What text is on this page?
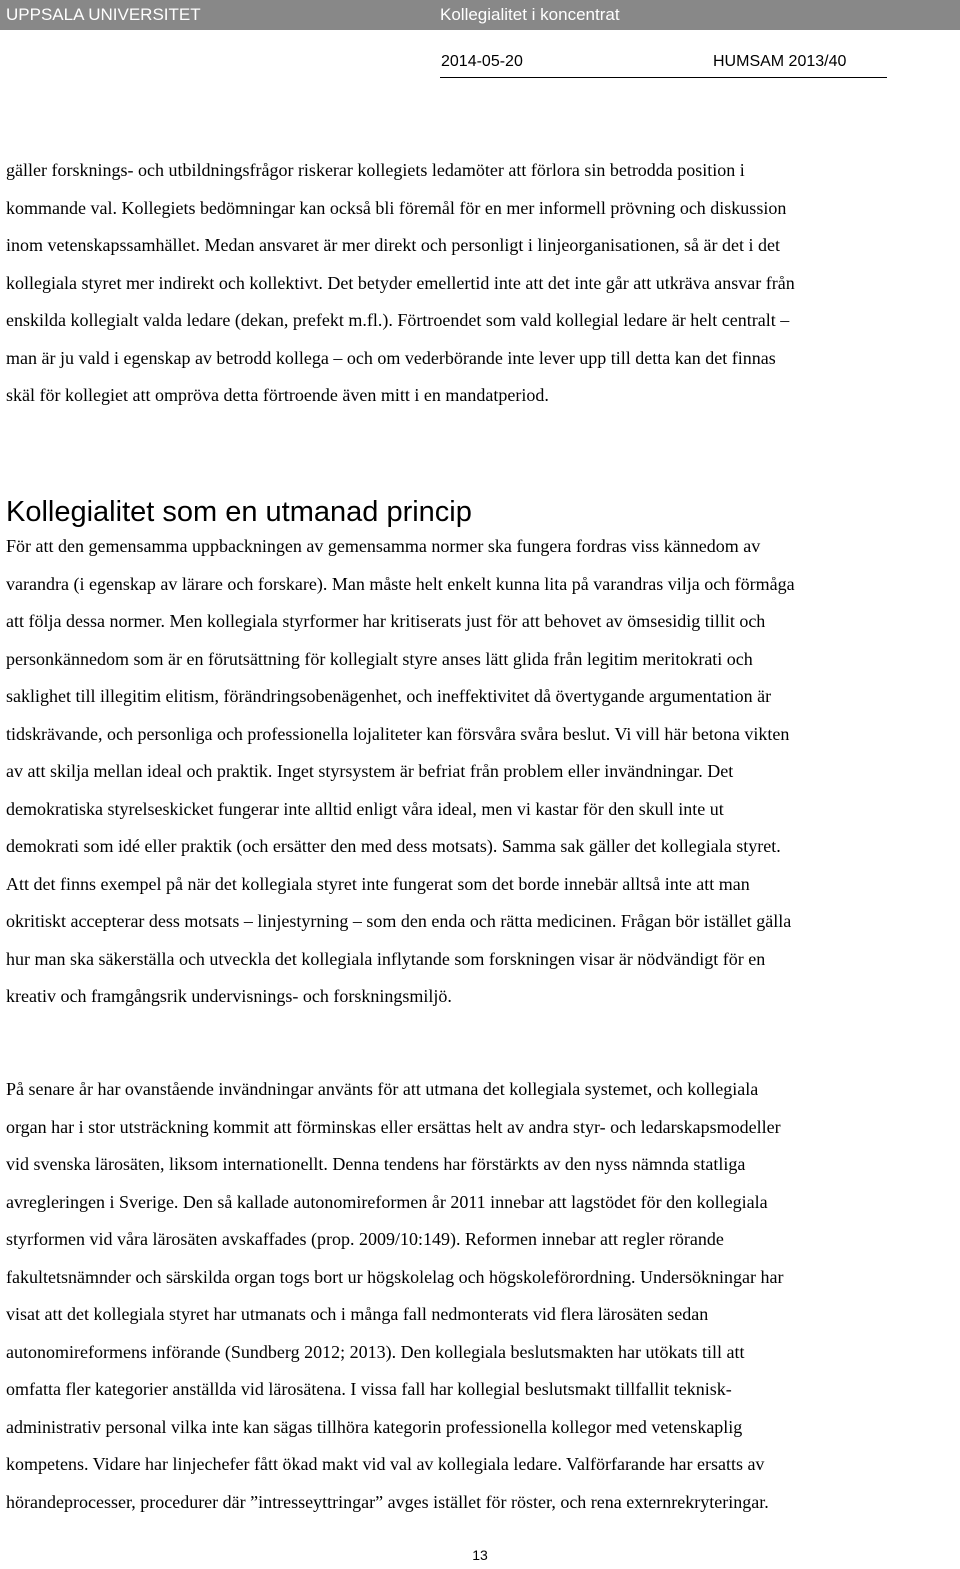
UPPSALA UNIVERSITET	Kollegialitet i koncentrat
2014-05-20	HUMSAM 2013/40

gäller forsknings- och utbildningsfrågor riskerar kollegiets ledamöter att förlora sin betrodda position i
kommande val. Kollegiets bedömningar kan också bli föremål för en mer informell prövning och diskussion
inom vetenskapssamhället. Medan ansvaret är mer direkt och personligt i linjeorganisationen, så är det i det
kollegiala styret mer indirekt och kollektivt. Det betyder emellertid inte att det inte går att utkräva ansvar från
enskilda kollegialt valda ledare (dekan, prefekt m.fl.). Förtroendet som vald kollegial ledare är helt centralt –
man är ju vald i egenskap av betrodd kollega – och om vederbörande inte lever upp till detta kan det finnas
skäl för kollegiet att ompröva detta förtroende även mitt i en mandatperiod.

Kollegialitet som en utmanad princip

För att den gemensamma uppbackningen av gemensamma normer ska fungera fordras viss kännedom av
varandra (i egenskap av lärare och forskare). Man måste helt enkelt kunna lita på varandras vilja och förmåga
att följa dessa normer. Men kollegiala styrformer har kritiserats just för att behovet av ömsesidig tillit och
personkännedom som är en förutsättning för kollegialt styre anses lätt glida från legitim meritokrati och
saklighet till illegitim elitism, förändringsobenägenhet, och ineffektivitet då övertygande argumentation är
tidskrävande, och personliga och professionella lojaliteter kan försvåra svåra beslut. Vi vill här betona vikten
av att skilja mellan ideal och praktik. Inget styrsystem är befriat från problem eller invändningar. Det
demokratiska styrelseskicket fungerar inte alltid enligt våra ideal, men vi kastar för den skull inte ut
demokrati som idé eller praktik (och ersätter den med dess motsats). Samma sak gäller det kollegiala styret.
Att det finns exempel på när det kollegiala styret inte fungerat som det borde innebär alltså inte att man
okritiskt accepterar dess motsats – linjestyrning – som den enda och rätta medicinen. Frågan bör istället gälla
hur man ska säkerställa och utveckla det kollegiala inflytande som forskningen visar är nödvändigt för en
kreativ och framgångsrik undervisnings- och forskningsmiljö.

På senare år har ovanstående invändningar använts för att utmana det kollegiala systemet, och kollegiala
organ har i stor utsträckning kommit att förminskas eller ersättas helt av andra styr- och ledarskapsmodeller
vid svenska lärosäten, liksom internationellt. Denna tendens har förstärkts av den nyss nämnda statliga
avregleringen i Sverige. Den så kallade autonomireformen år 2011 innebar att lagstödet för den kollegiala
styrformen vid våra lärosäten avskaffades (prop. 2009/10:149). Reformen innebar att regler rörande
fakultetsnämnder och särskilda organ togs bort ur högskolelag och högskoleförordning. Undersökningar har
visat att det kollegiala styret har utmanats och i många fall nedmonterats vid flera lärosäten sedan
autonomireformens införande (Sundberg 2012; 2013). Den kollegiala beslutsmakten har utökats till att
omfatta fler kategorier anställda vid lärosätena. I vissa fall har kollegial beslutsmakt tillfallit teknisk-
administrativ personal vilka inte kan sägas tillhöra kategorin professionella kollegor med vetenskaplig
kompetens. Vidare har linjechefer fått ökad makt vid val av kollegiala ledare. Valförfarande har ersatts av
hörandeprocesser, procedurer där ”intresseyttringar” avges istället för röster, och rena externrekryteringar.

13
